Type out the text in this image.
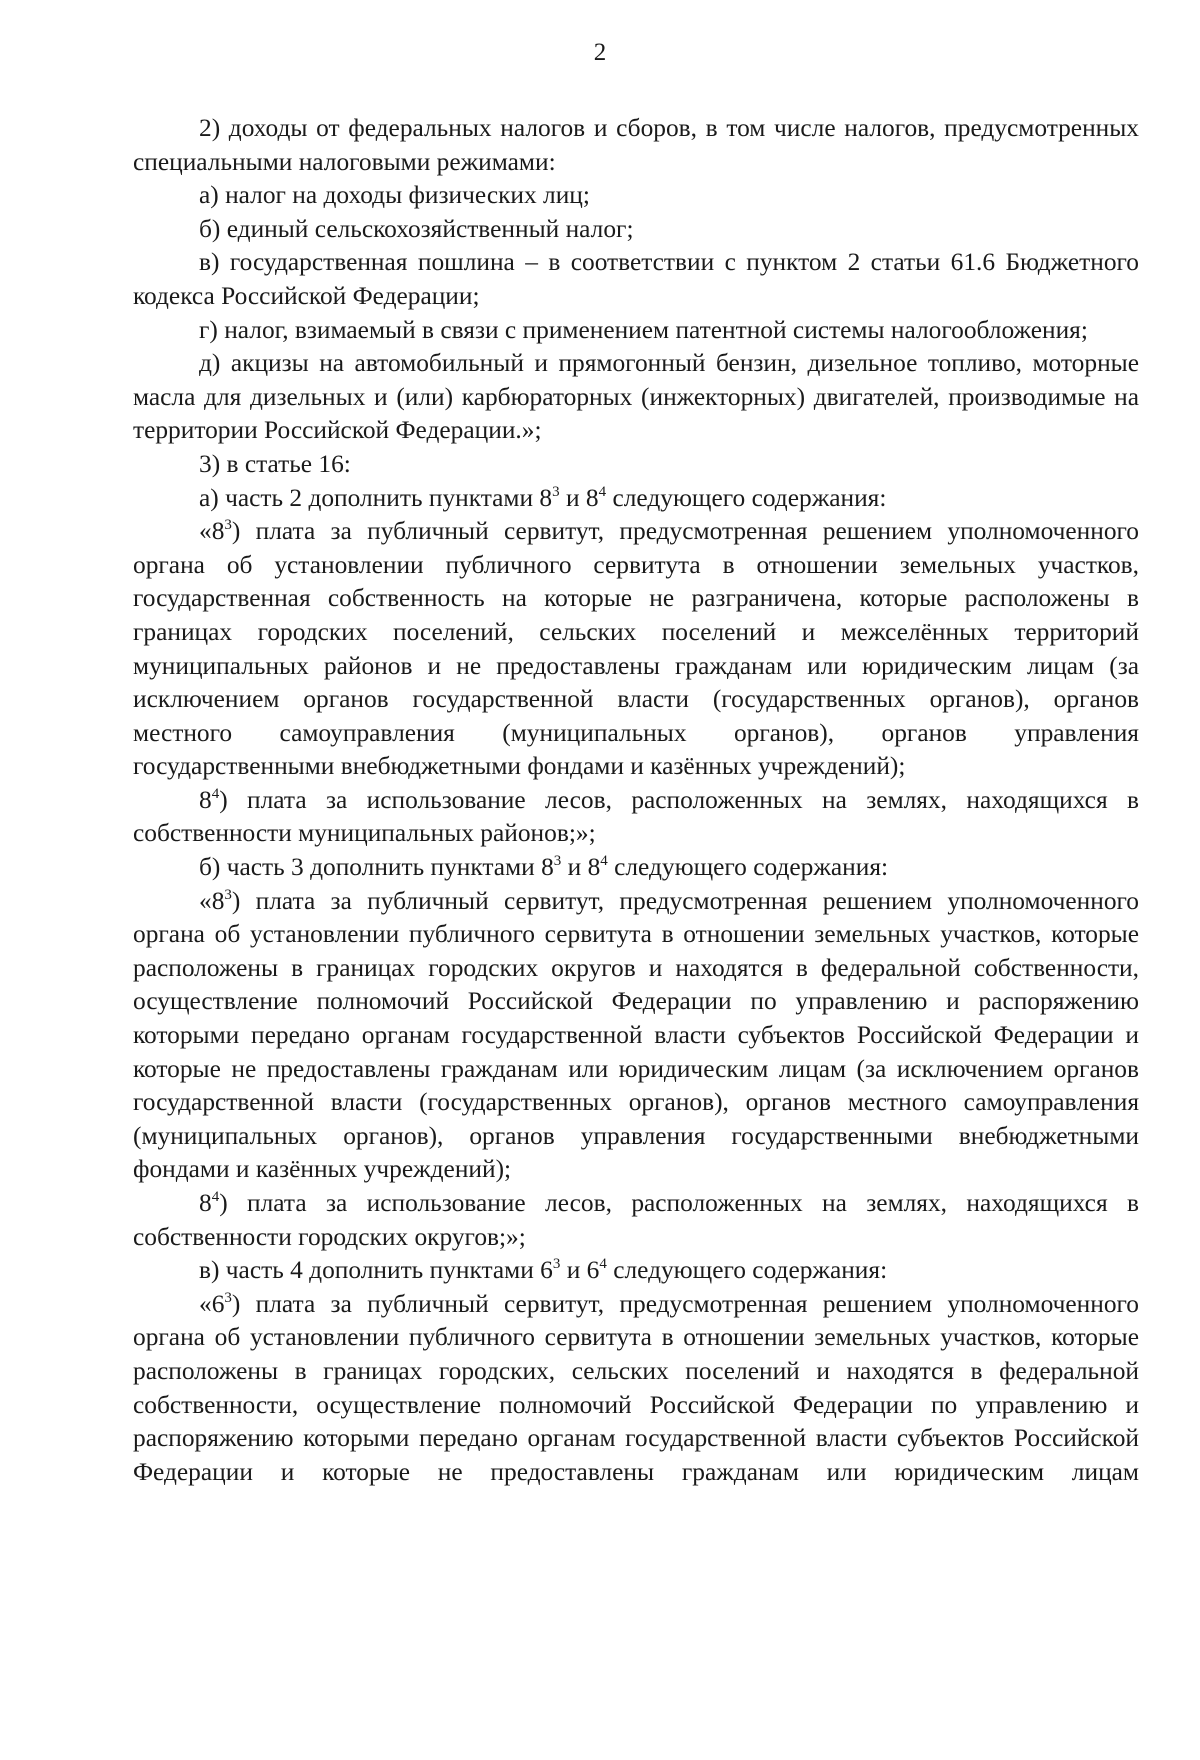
2

2) доходы от федеральных налогов и сборов, в том числе налогов, предусмотренных специальными налоговыми режимами:

а) налог на доходы физических лиц;

б) единый сельскохозяйственный налог;

в) государственная пошлина – в соответствии с пунктом 2 статьи 61.6 Бюджетного кодекса Российской Федерации;

г) налог, взимаемый в связи с применением патентной системы налогообложения;

д) акцизы на автомобильный и прямогонный бензин, дизельное топливо, моторные масла для дизельных и (или) карбюраторных (инжекторных) двигателей, производимые на территории Российской Федерации.»;

3) в статье 16:

а) часть 2 дополнить пунктами $8^3$ и $8^4$ следующего содержания:

«$8^3$) плата за публичный сервитут, предусмотренная решением уполномоченного органа об установлении публичного сервитута в отношении земельных участков, государственная собственность на которые не разграничена, которые расположены в границах городских поселений, сельских поселений и межселённых территорий муниципальных районов и не предоставлены гражданам или юридическим лицам (за исключением органов государственной власти (государственных органов), органов местного самоуправления (муниципальных органов), органов управления государственными внебюджетными фондами и казённых учреждений);

$8^4$) плата за использование лесов, расположенных на землях, находящихся в собственности муниципальных районов;»;

б) часть 3 дополнить пунктами $8^3$ и $8^4$ следующего содержания:

«$8^3$) плата за публичный сервитут, предусмотренная решением уполномоченного органа об установлении публичного сервитута в отношении земельных участков, которые расположены в границах городских округов и находятся в федеральной собственности, осуществление полномочий Российской Федерации по управлению и распоряжению которыми передано органам государственной власти субъектов Российской Федерации и которые не предоставлены гражданам или юридическим лицам (за исключением органов государственной власти (государственных органов), органов местного самоуправления (муниципальных органов), органов управления государственными внебюджетными фондами и казённых учреждений);

$8^4$) плата за использование лесов, расположенных на землях, находящихся в собственности городских округов;»;

в) часть 4 дополнить пунктами $6^3$ и $6^4$ следующего содержания:

«$6^3$) плата за публичный сервитут, предусмотренная решением уполномоченного органа об установлении публичного сервитута в отношении земельных участков, которые расположены в границах городских, сельских поселений и находятся в федеральной собственности, осуществление полномочий Российской Федерации по управлению и распоряжению которыми передано органам государственной власти субъектов Российской Федерации и которые не предоставлены гражданам или юридическим лицам
